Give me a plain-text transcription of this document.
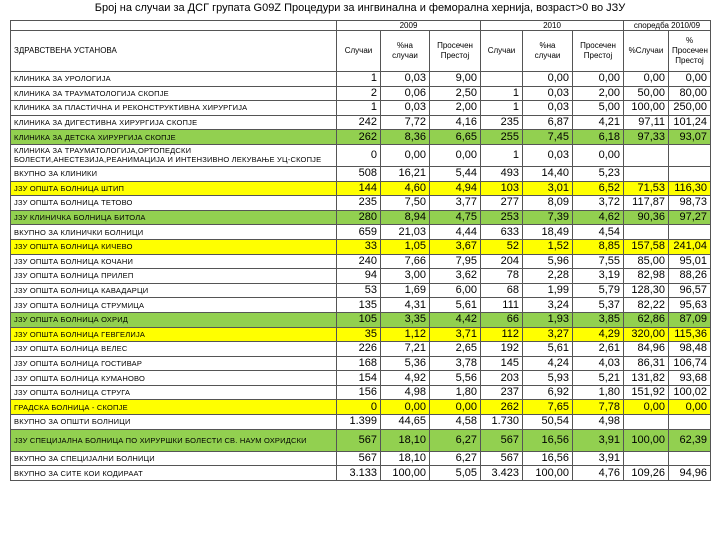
Број на случаи за ДСГ групата G09Z Процедури за ингвинална и феморална хернија, возраст>0 во ЈЗУ
	2009			2010			споредба 2010/09	
ЗДРАВСТВЕНА УСТАНОВА	Случаи	%на случаи	Просечен Престој	Случаи	%на случаи	Просечен Престој	%Случаи	% Просечен Престој
КЛИНИКА ЗА УРОЛОГИЈА	1	0,03	9,00		0,00	0,00	0,00	0,00
КЛИНИКА ЗА ТРАУМАТОЛОГИЈА СКОПЈЕ	2	0,06	2,50	1	0,03	2,00	50,00	80,00
КЛИНИКА ЗА ПЛАСТИЧНА И РЕКОНСТРУКТИВНА ХИРУРГИЈА	1	0,03	2,00	1	0,03	5,00	100,00	250,00
КЛИНИКА ЗА ДИГЕСТИВНА ХИРУРГИЈА СКОПЈЕ	242	7,72	4,16	235	6,87	4,21	97,11	101,24
КЛИНИКА ЗА ДЕТСКА ХИРУРГИЈА СКОПЈЕ	262	8,36	6,65	255	7,45	6,18	97,33	93,07
КЛИНИКА ЗА ТРАУМАТОЛОГИЈА,ОРТОПЕДСКИ БОЛЕСТИ,АНЕСТЕЗИЈА,РЕАНИМАЦИЈА И ИНТЕНЗИВНО ЛЕКУВАЊЕ УЦ-СКОПЈЕ	0	0,00	0,00	1	0,03	0,00		
ВКУПНО ЗА КЛИНИКИ	508	16,21	5,44	493	14,40	5,23		
ЈЗУ ОПШТА БОЛНИЦА ШТИП	144	4,60	4,94	103	3,01	6,52	71,53	116,30
ЈЗУ ОПШТА БОЛНИЦА ТЕТОВО	235	7,50	3,77	277	8,09	3,72	117,87	98,73
ЈЗУ КЛИНИЧКА БОЛНИЦА БИТОЛА	280	8,94	4,75	253	7,39	4,62	90,36	97,27
ВКУПНО ЗА КЛИНИЧКИ БОЛНИЦИ	659	21,03	4,44	633	18,49	4,54		
ЈЗУ ОПШТА БОЛНИЦА КИЧЕВО	33	1,05	3,67	52	1,52	8,85	157,58	241,04
ЈЗУ ОПШТА БОЛНИЦА КОЧАНИ	240	7,66	7,95	204	5,96	7,55	85,00	95,01
ЈЗУ ОПШТА БОЛНИЦА ПРИЛЕП	94	3,00	3,62	78	2,28	3,19	82,98	88,26
ЈЗУ ОПШТА БОЛНИЦА КАВАДАРЦИ	53	1,69	6,00	68	1,99	5,79	128,30	96,57
ЈЗУ ОПШТА БОЛНИЦА СТРУМИЦА	135	4,31	5,61	111	3,24	5,37	82,22	95,63
ЈЗУ ОПШТА БОЛНИЦА ОХРИД	105	3,35	4,42	66	1,93	3,85	62,86	87,09
ЈЗУ ОПШТА БОЛНИЦА ГЕВГЕЛИЈА	35	1,12	3,71	112	3,27	4,29	320,00	115,36
ЈЗУ ОПШТА БОЛНИЦА ВЕЛЕС	226	7,21	2,65	192	5,61	2,61	84,96	98,48
ЈЗУ ОПШТА БОЛНИЦА ГОСТИВАР	168	5,36	3,78	145	4,24	4,03	86,31	106,74
ЈЗУ ОПШТА БОЛНИЦА КУМАНОВО	154	4,92	5,56	203	5,93	5,21	131,82	93,68
ЈЗУ ОПШТА БОЛНИЦА СТРУГА	156	4,98	1,80	237	6,92	1,80	151,92	100,02
ГРАДСКА БОЛНИЦА - СКОПЈЕ	0	0,00	0,00	262	7,65	7,78	0,00	0,00
ВКУПНО ЗА ОПШТИ БОЛНИЦИ	1.399	44,65	4,58	1.730	50,54	4,98		
ЈЗУ СПЕЦИЈАЛНА БОЛНИЦА ПО ХИРУРШКИ БОЛЕСТИ СВ. НАУМ ОХРИДСКИ	567	18,10	6,27	567	16,56	3,91	100,00	62,39
ВКУПНО ЗА СПЕЦИЈАЛНИ БОЛНИЦИ	567	18,10	6,27	567	16,56	3,91		
ВКУПНО ЗА СИТЕ КОИ КОДИРААТ	3.133	100,00	5,05	3.423	100,00	4,76	109,26	94,96
